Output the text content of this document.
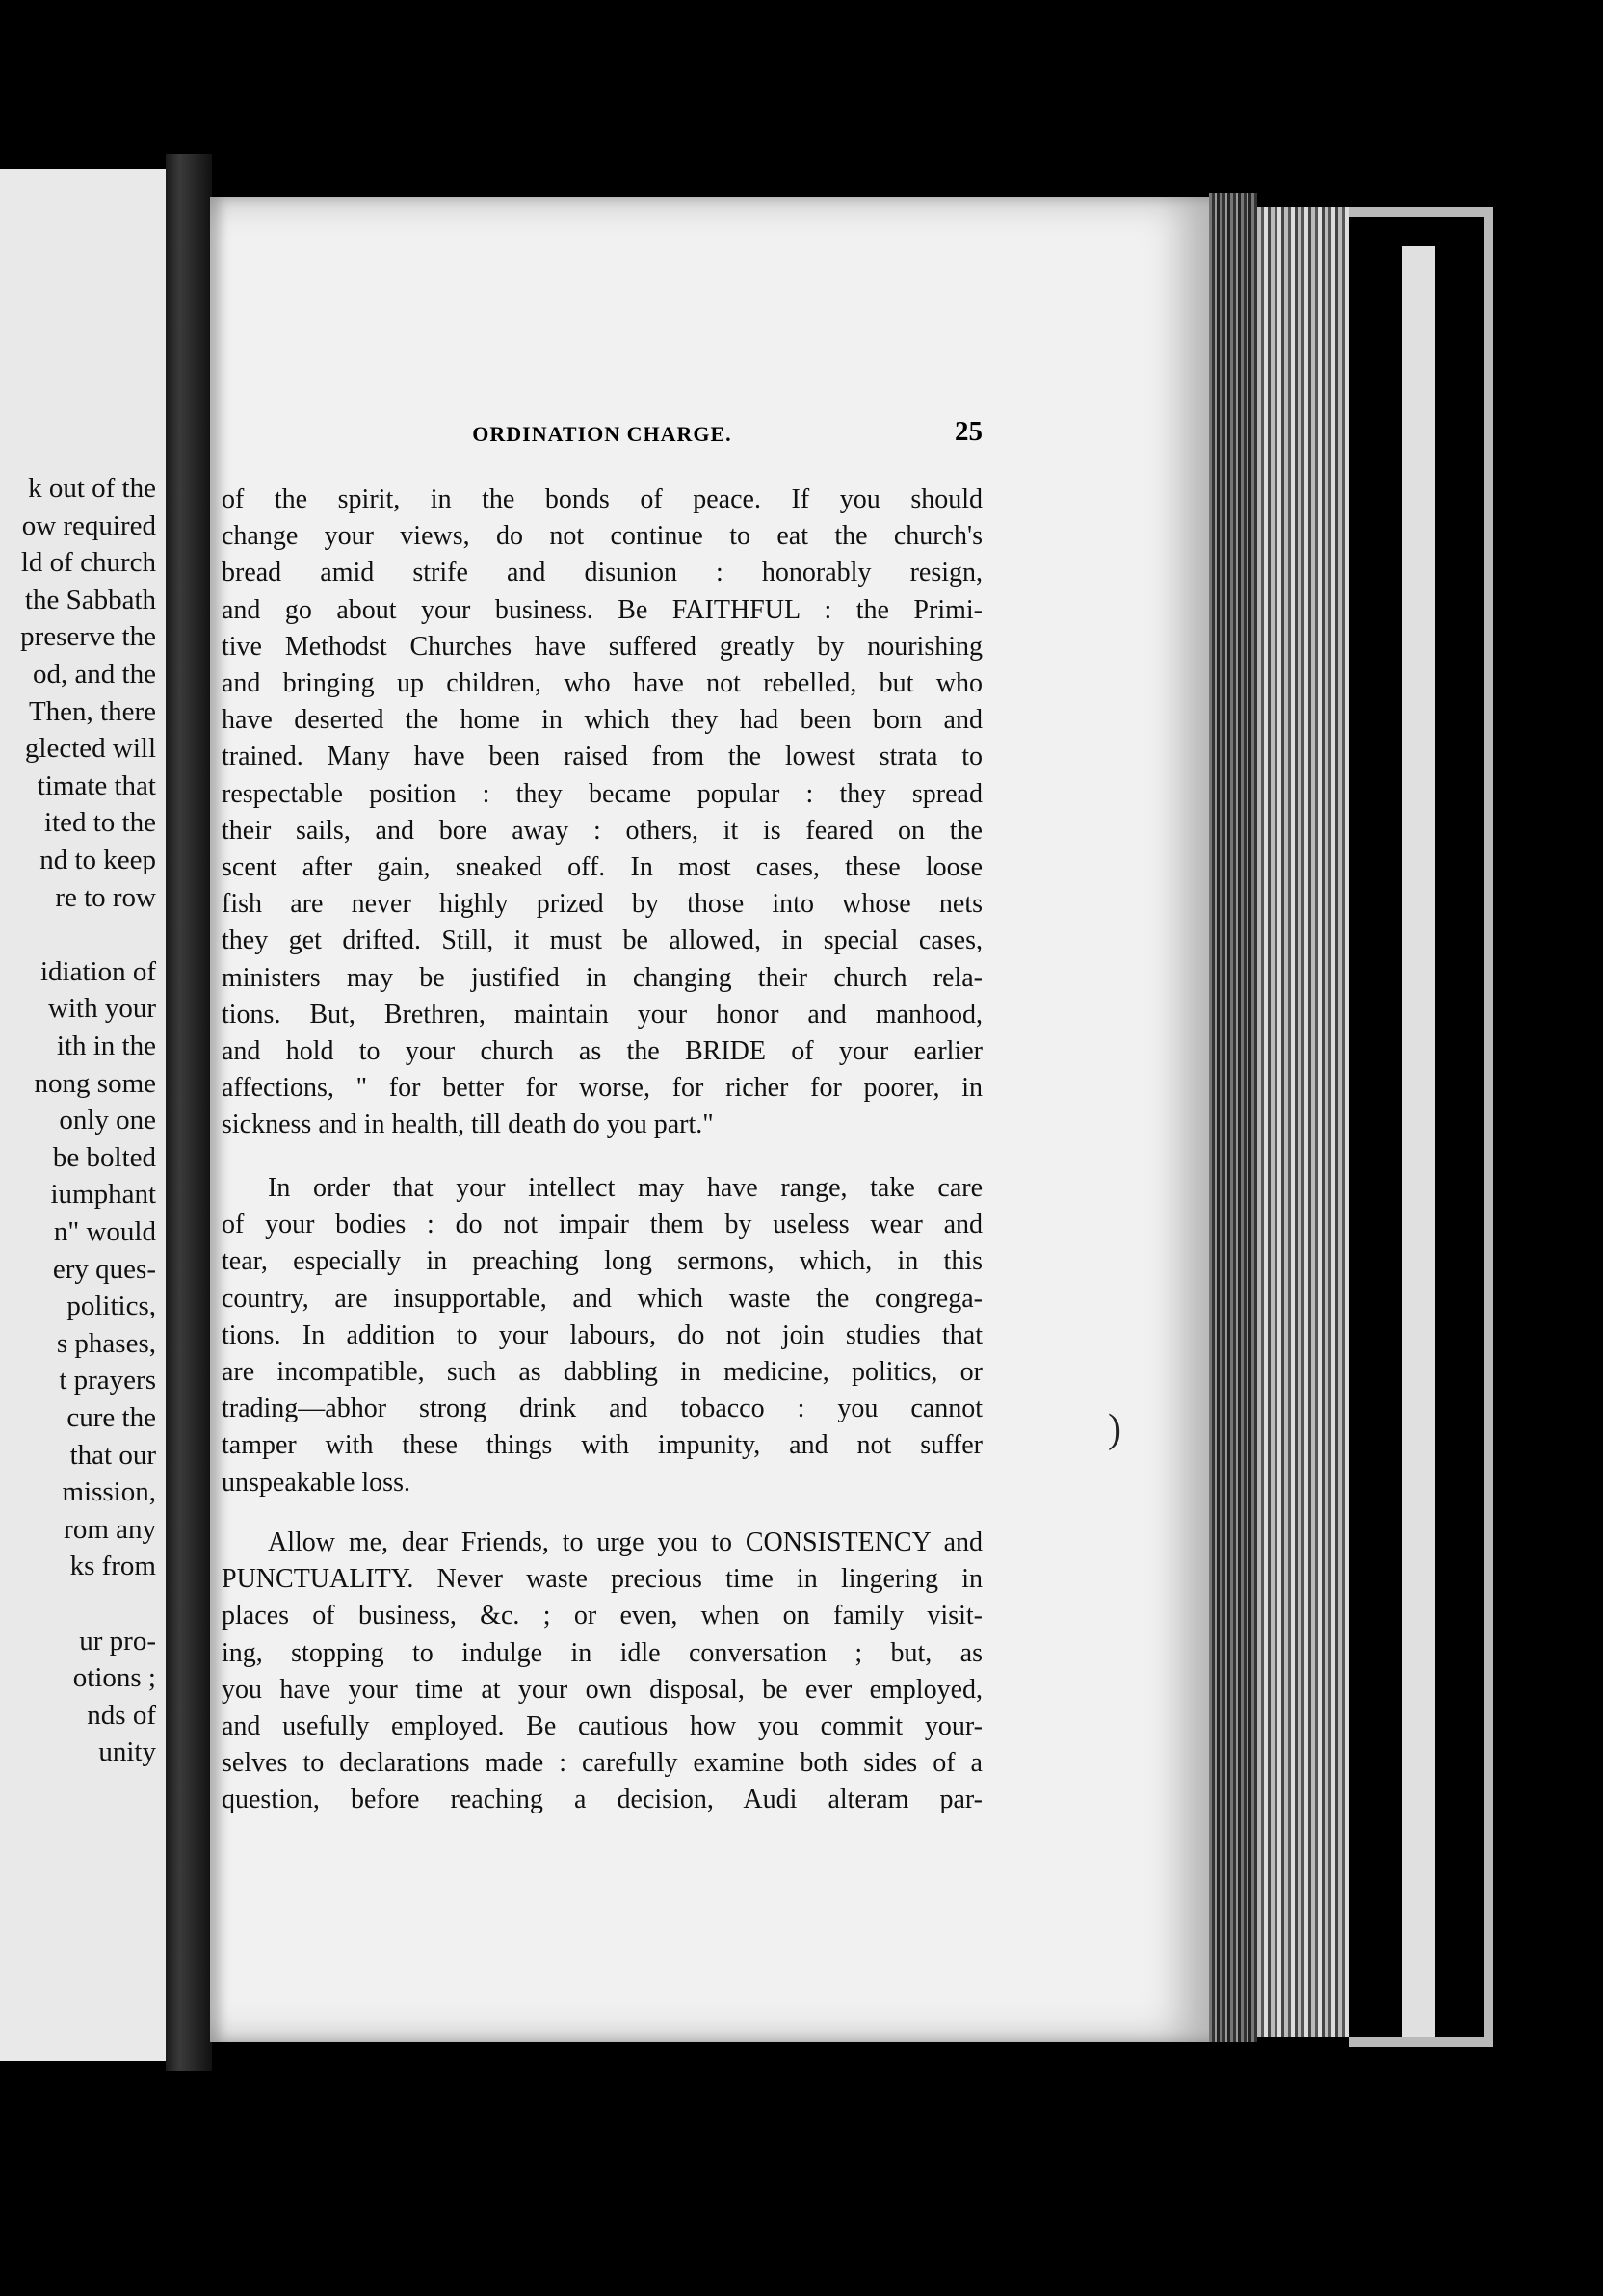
k out of the
ow required
ld of church
the Sabbath
preserve the
od, and the
Then, there
glected will
timate that
ited to the
nd to keep
re to row
idiation of
with your
ith in the
nong some
only one
be bolted
iumphant
n" would
ery ques-
politics,
s phases,
t prayers
cure the
that our
mission,
rom any
ks from
ur pro-
otions ;
nds of
unity
ORDINATION CHARGE.	25
of the spirit, in the bonds of peace. If you should
change your views, do not continue to eat the church's
bread amid strife and disunion : honorably resign,
and go about your business. Be FAITHFUL : the Primi-
tive Methodst Churches have suffered greatly by nourishing
and bringing up children, who have not rebelled, but who
have deserted the home in which they had been born and
trained. Many have been raised from the lowest strata to
respectable position : they became popular : they spread
their sails, and bore away : others, it is feared on the
scent after gain, sneaked off. In most cases, these loose
fish are never highly prized by those into whose nets
they get drifted. Still, it must be allowed, in special cases,
ministers may be justified in changing their church rela-
tions. But, Brethren, maintain your honor and manhood,
and hold to your church as the BRIDE of your earlier
affections, " for better for worse, for richer for poorer, in
sickness and in health, till death do you part."
In order that your intellect may have range, take care
of your bodies : do not impair them by useless wear and
tear, especially in preaching long sermons, which, in this
country, are insupportable, and which waste the congrega-
tions. In addition to your labours, do not join studies that
are incompatible, such as dabbling in medicine, politics, or
trading—abhor strong drink and tobacco : you cannot
tamper with these things with impunity, and not suffer
unspeakable loss.
Allow me, dear Friends, to urge you to CONSISTENCY and
PUNCTUALITY. Never waste precious time in lingering in
places of business, &c. ; or even, when on family visit-
ing, stopping to indulge in idle conversation ; but, as
you have your time at your own disposal, be ever employed,
and usefully employed. Be cautious how you commit your-
selves to declarations made : carefully examine both sides of a
question, before reaching a decision, Audi alteram par-
)
